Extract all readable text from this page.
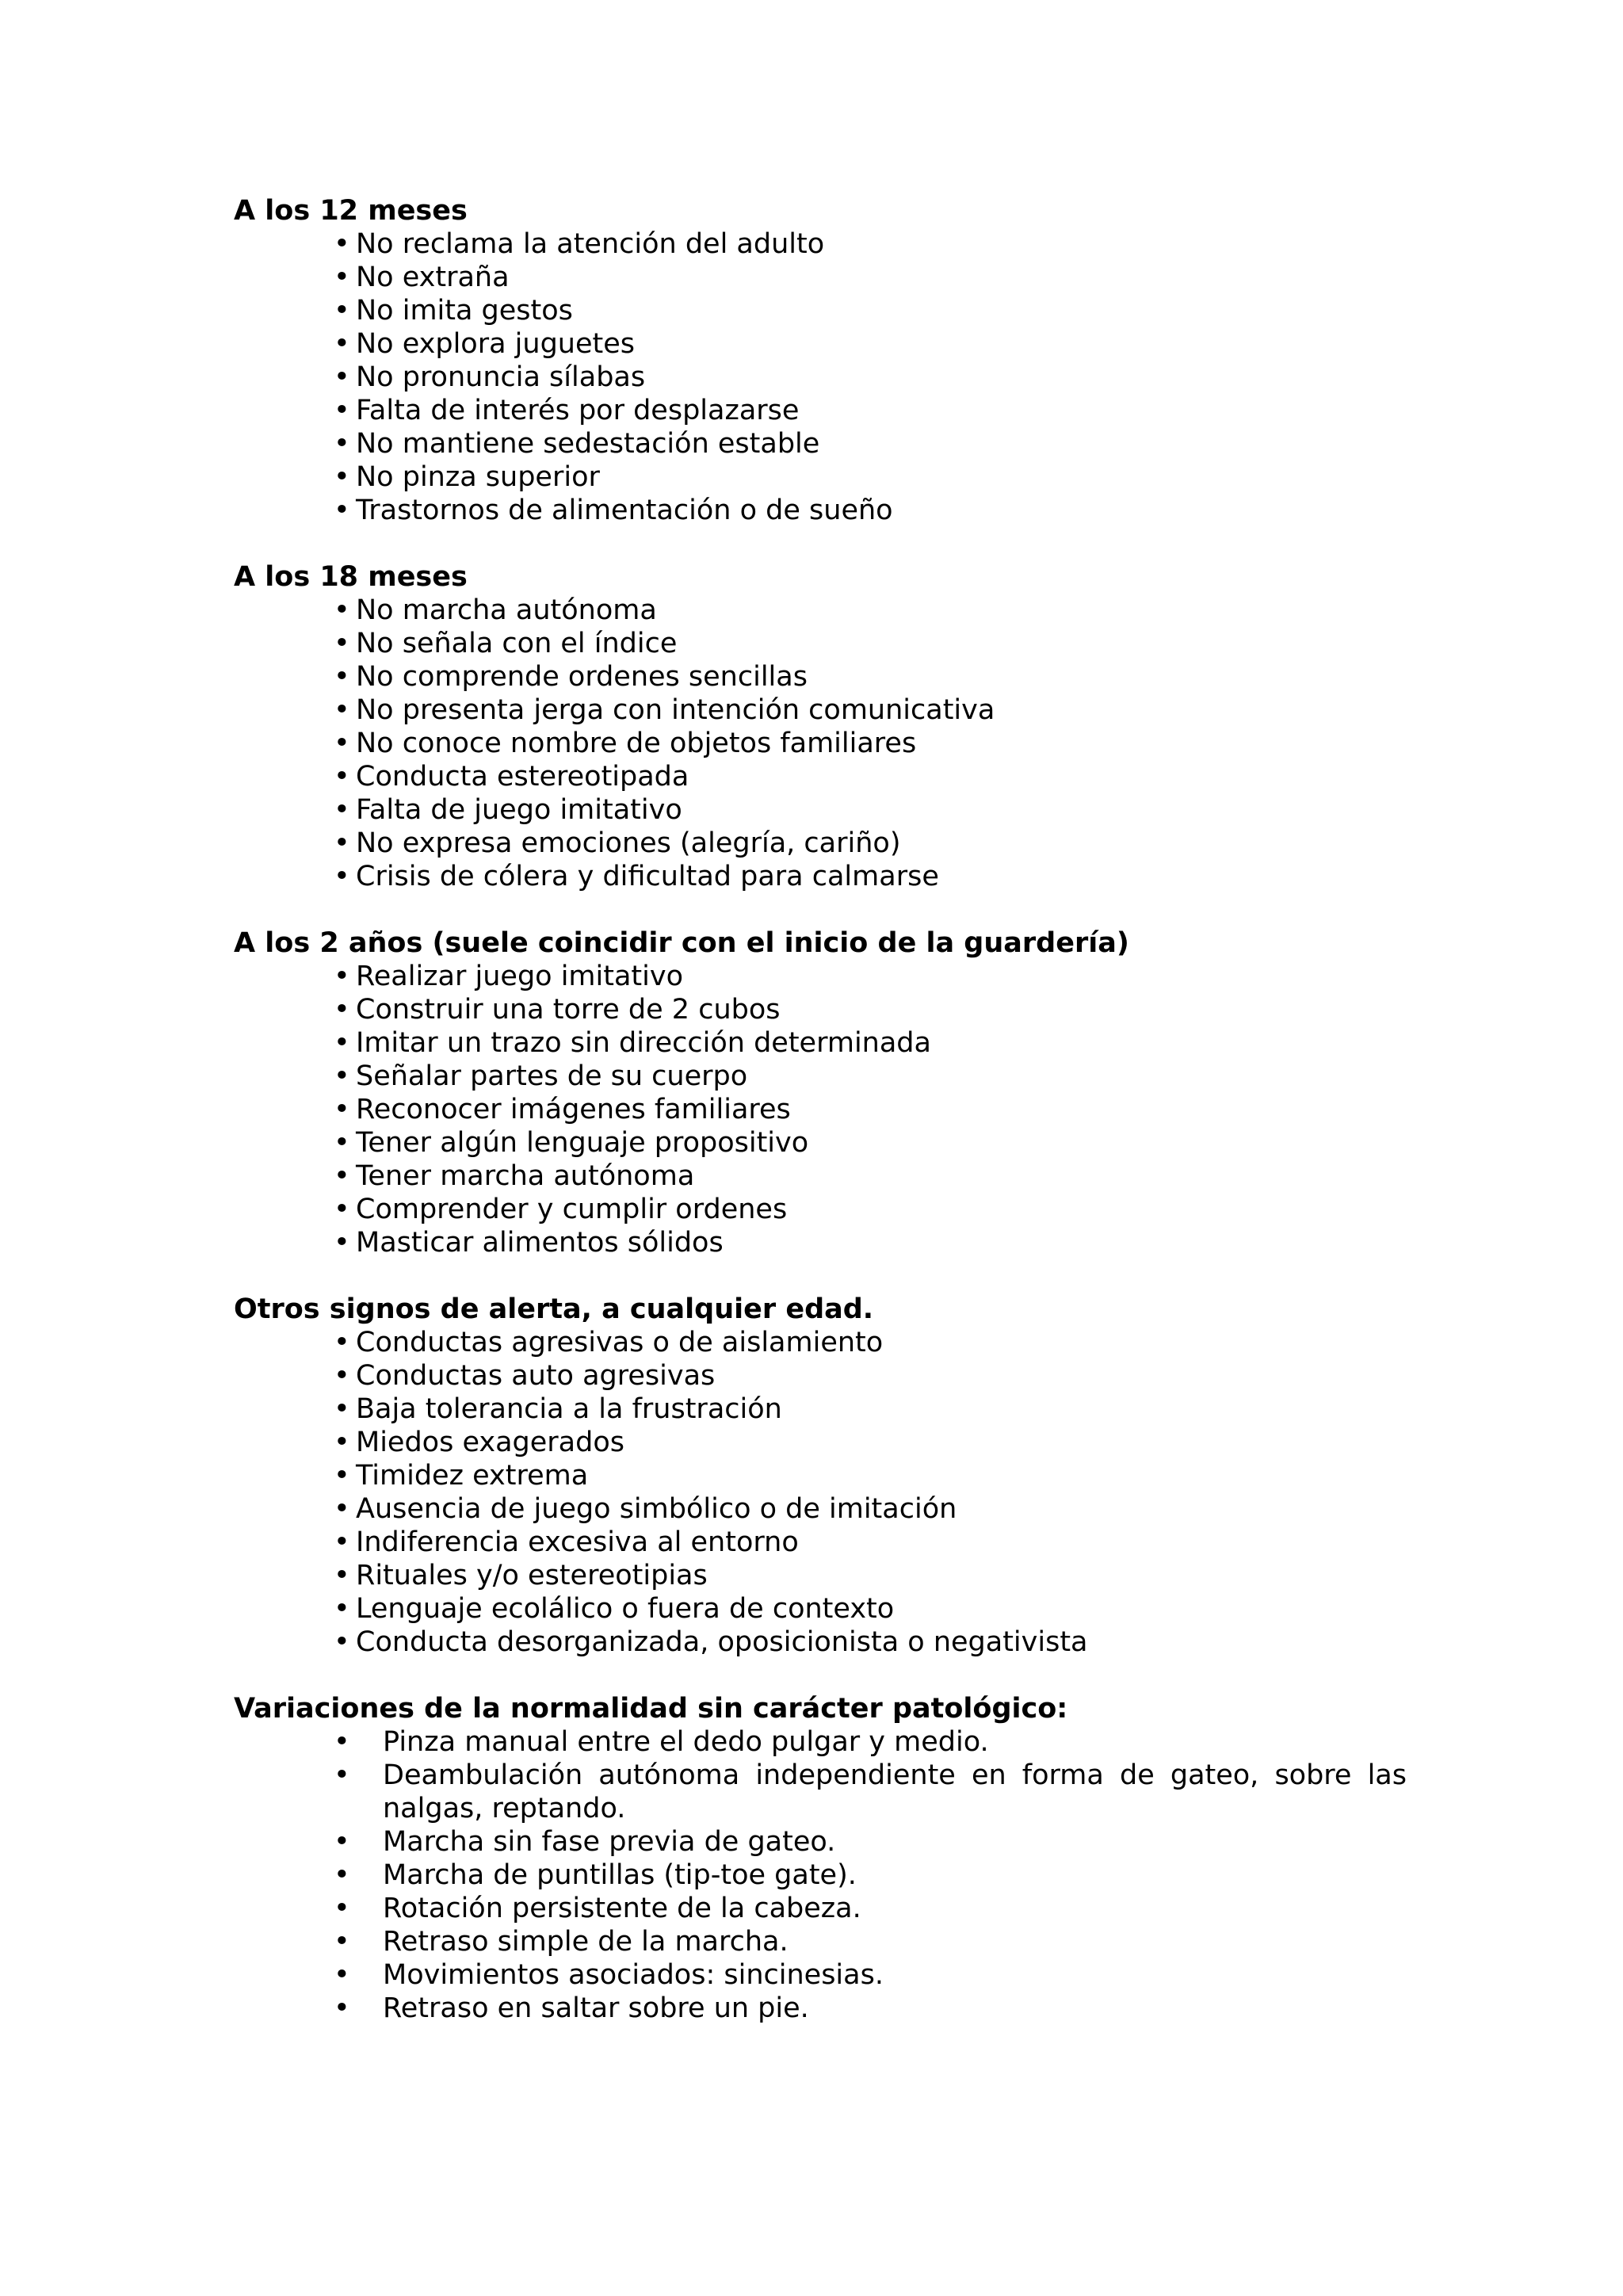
A los 12 meses

• No reclama la atención del adulto
• No extraña
• No imita gestos
• No explora juguetes
• No pronuncia sílabas
• Falta de interés por desplazarse
• No mantiene sedestación estable
• No pinza superior
• Trastornos de alimentación o de sueño

A los 18 meses

• No marcha autónoma
• No señala con el índice
• No comprende ordenes sencillas
• No presenta jerga con intención comunicativa
• No conoce nombre de objetos familiares
• Conducta estereotipada
• Falta de juego imitativo
• No expresa emociones (alegría, cariño)
• Crisis de cólera y dificultad para calmarse

A los 2 años (suele coincidir con el inicio de la guardería)

• Realizar juego imitativo
• Construir una torre de 2 cubos
• Imitar un trazo sin dirección determinada
• Señalar partes de su cuerpo
• Reconocer imágenes familiares
• Tener algún lenguaje propositivo
• Tener marcha autónoma
• Comprender y cumplir ordenes
• Masticar alimentos sólidos

Otros signos de alerta, a cualquier edad.

• Conductas agresivas o de aislamiento
• Conductas auto agresivas
• Baja tolerancia a la frustración
• Miedos exagerados
• Timidez extrema
• Ausencia de juego simbólico o de imitación
• Indiferencia excesiva al entorno
• Rituales y/o estereotipias
• Lenguaje ecolálico o fuera de contexto
• Conducta desorganizada, oposicionista o negativista

Variaciones de la normalidad sin carácter patológico:

• Pinza manual entre el dedo pulgar y medio.
• Deambulación autónoma independiente en forma de gateo, sobre las nalgas, reptando.
• Marcha sin fase previa de gateo.
• Marcha de puntillas (tip-toe gate).
• Rotación persistente de la cabeza.
• Retraso simple de la marcha.
• Movimientos asociados: sincinesias.
• Retraso en saltar sobre un pie.
